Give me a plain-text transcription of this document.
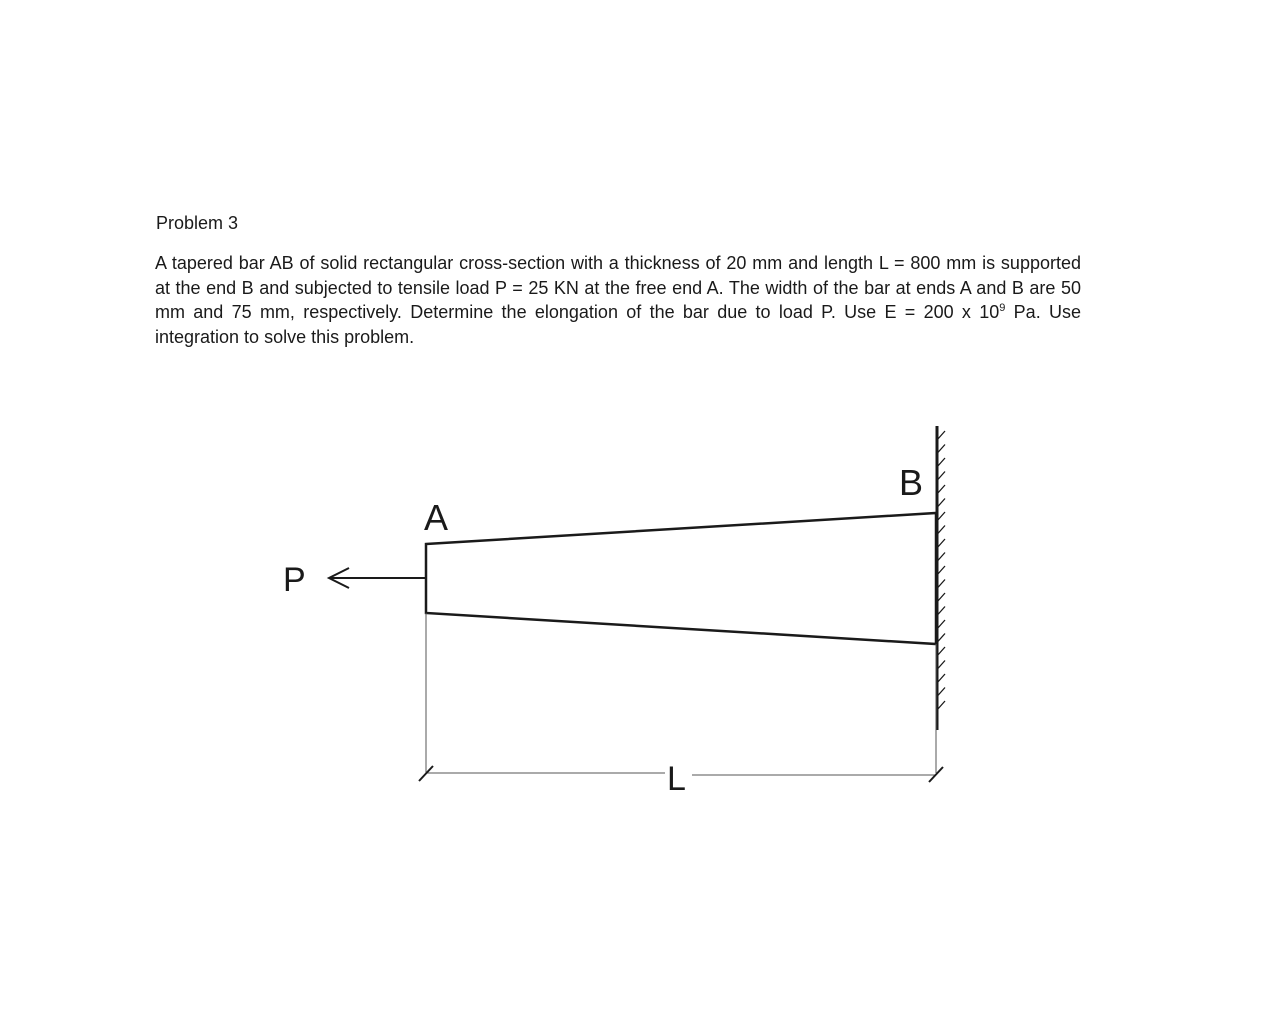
Problem 3

A tapered bar AB of solid rectangular cross-section with a thickness of 20 mm and length L = 800 mm is supported at the end B and subjected to tensile load P = 25 KN at the free end A. The width of the bar at ends A and B are 50 mm and 75 mm, respectively. Determine the elongation of the bar due to load P. Use E = 200 x $10^9$ Pa. Use integration to solve this problem.

A
B
P
L
